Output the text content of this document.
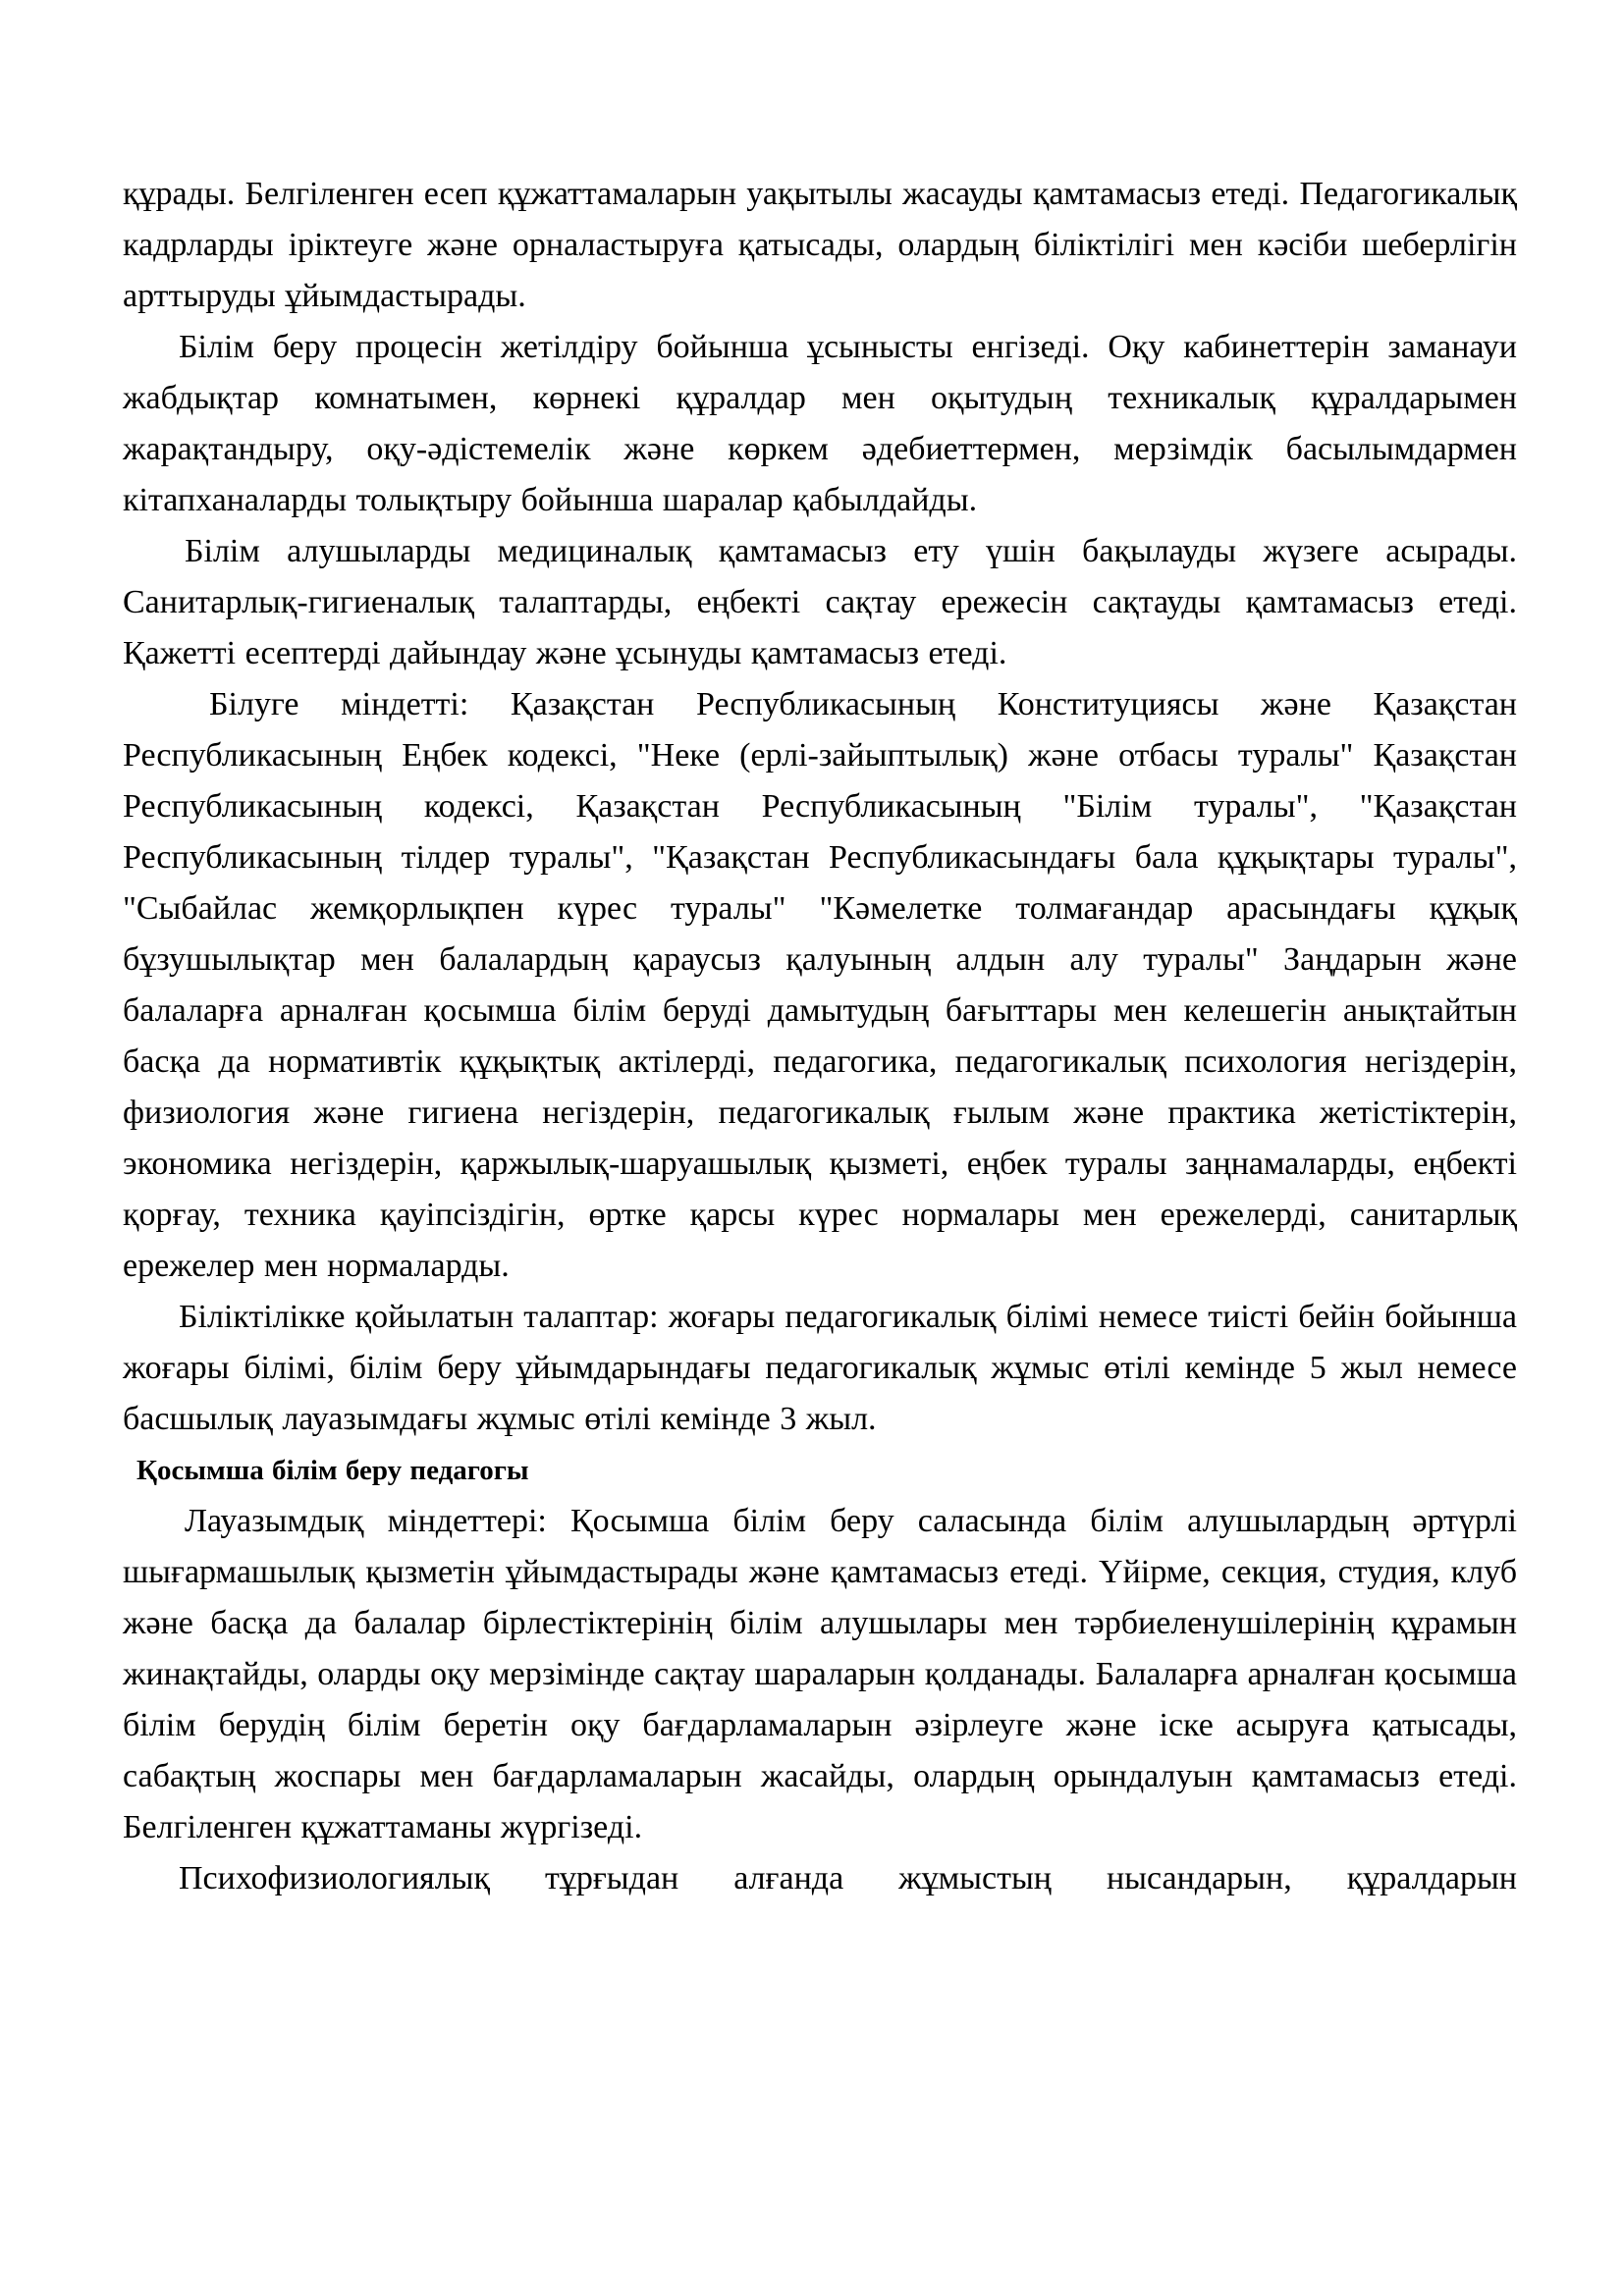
құрады. Белгіленген есеп құжаттамаларын уақытылы жасауды қамтамасыз етеді. Педагогикалық кадрларды іріктеуге және орналастыруға қатысады, олардың біліктілігі мен кәсіби шеберлігін арттыруды ұйымдастырады.

Білім беру процесін жетілдіру бойынша ұсынысты енгізеді. Оқу кабинеттерін заманауи жабдықтар комнатымен, көрнекі құралдар мен оқытудың техникалық құралдарымен жарақтандыру, оқу-әдістемелік және көркем әдебиеттермен, мерзімдік басылымдармен кітапханаларды толықтыру бойынша шаралар қабылдайды.

Білім алушыларды медициналық қамтамасыз ету үшін бақылауды жүзеге асырады. Санитарлық-гигиеналық талаптарды, еңбекті сақтау ережесін сақтауды қамтамасыз етеді. Қажетті есептерді дайындау және ұсынуды қамтамасыз етеді.

Білуге міндетті: Қазақстан Республикасының Конституциясы және Қазақстан Республикасының Еңбек кодексі, "Неке (ерлі-зайыптылық) және отбасы туралы" Қазақстан Республикасының кодексі, Қазақстан Республикасының "Білім туралы", "Қазақстан Республикасының тілдер туралы", "Қазақстан Республикасындағы бала құқықтары туралы", "Сыбайлас жемқорлықпен күрес туралы" "Кәмелетке толмағандар арасындағы құқық бұзушылықтар мен балалардың қараусыз қалуының алдын алу туралы" Заңдарын және балаларға арналған қосымша білім беруді дамытудың бағыттары мен келешегін анықтайтын басқа да нормативтік құқықтық актілерді, педагогика, педагогикалық психология негіздерін, физиология және гигиена негіздерін, педагогикалық ғылым және практика жетістіктерін, экономика негіздерін, қаржылық-шаруашылық қызметі, еңбек туралы заңнамаларды, еңбекті қорғау, техника қауіпсіздігін, өртке қарсы күрес нормалары мен ережелерді, санитарлық ережелер мен нормаларды.

Біліктілікке қойылатын талаптар: жоғары педагогикалық білімі немесе тиісті бейін бойынша жоғары білімі, білім беру ұйымдарындағы педагогикалық жұмыс өтілі кемінде 5 жыл немесе басшылық лауазымдағы жұмыс өтілі кемінде 3 жыл.

Қосымша білім беру педагогы

Лауазымдық міндеттері: Қосымша білім беру саласында білім алушылардың әртүрлі шығармашылық қызметін ұйымдастырады және қамтамасыз етеді. Үйірме, секция, студия, клуб және басқа да балалар бірлестіктерінің білім алушылары мен тәрбиеленушілерінің құрамын жинақтайды, оларды оқу мерзімінде сақтау шараларын қолданады. Балаларға арналған қосымша білім берудің білім беретін оқу бағдарламаларын әзірлеуге және іске асыруға қатысады, сабақтың жоспары мен бағдарламаларын жасайды, олардың орындалуын қамтамасыз етеді. Белгіленген құжаттаманы жүргізеді.

Психофизиологиялық тұрғыдан алғанда жұмыстың нысандарын, құралдарын
